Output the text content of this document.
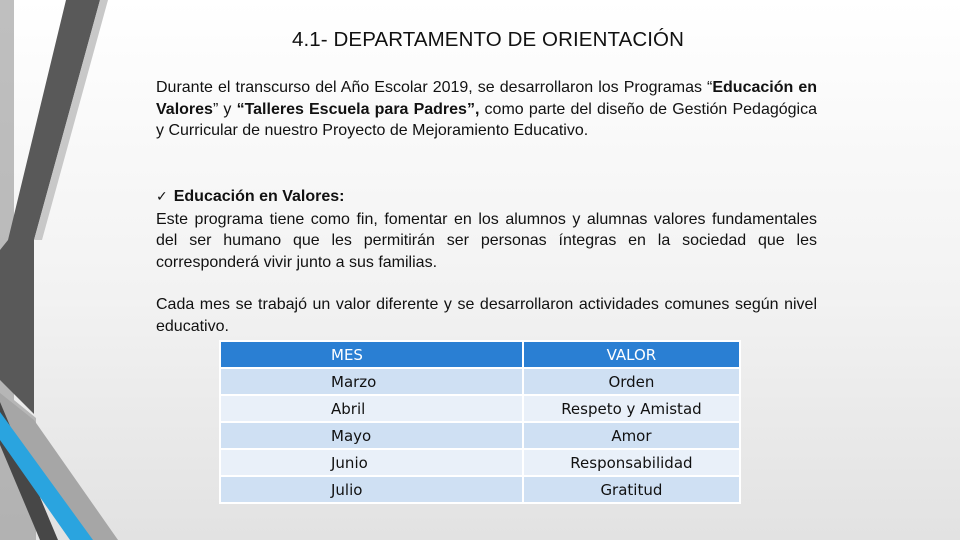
4.1- DEPARTAMENTO DE ORIENTACIÓN
Durante el transcurso del Año Escolar 2019, se desarrollaron los Programas “Educación en Valores” y “Talleres Escuela para Padres”, como parte del diseño de Gestión Pedagógica y Curricular de nuestro Proyecto de Mejoramiento Educativo.
✓ Educación en Valores:
Este programa tiene como fin, fomentar en los alumnos y alumnas valores fundamentales del ser humano que les permitirán ser personas íntegras en la sociedad que les corresponderá vivir junto a sus familias.
Cada mes se trabajó un valor diferente y se desarrollaron actividades comunes según nivel educativo.
MES	VALOR
Marzo	Orden
Abril	Respeto y Amistad
Mayo	Amor
Junio	Responsabilidad
Julio	Gratitud
